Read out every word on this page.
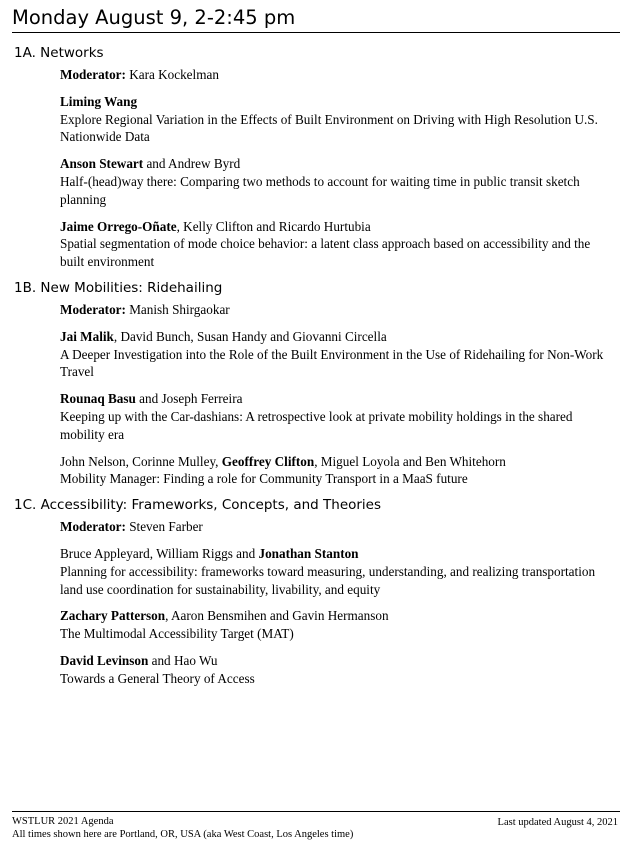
Monday August 9, 2-2:45 pm
1A. Networks
Moderator: Kara Kockelman
Liming Wang
Explore Regional Variation in the Effects of Built Environment on Driving with High Resolution U.S. Nationwide Data
Anson Stewart and Andrew Byrd
Half-(head)way there: Comparing two methods to account for waiting time in public transit sketch planning
Jaime Orrego-Oñate, Kelly Clifton and Ricardo Hurtubia
Spatial segmentation of mode choice behavior: a latent class approach based on accessibility and the built environment
1B. New Mobilities: Ridehailing
Moderator: Manish Shirgaokar
Jai Malik, David Bunch, Susan Handy and Giovanni Circella
A Deeper Investigation into the Role of the Built Environment in the Use of Ridehailing for Non-Work Travel
Rounaq Basu and Joseph Ferreira
Keeping up with the Car-dashians: A retrospective look at private mobility holdings in the shared mobility era
John Nelson, Corinne Mulley, Geoffrey Clifton, Miguel Loyola and Ben Whitehorn
Mobility Manager: Finding a role for Community Transport in a MaaS future
1C. Accessibility: Frameworks, Concepts, and Theories
Moderator: Steven Farber
Bruce Appleyard, William Riggs and Jonathan Stanton
Planning for accessibility: frameworks toward measuring, understanding, and realizing transportation land use coordination for sustainability, livability, and equity
Zachary Patterson, Aaron Bensmihen and Gavin Hermanson
The Multimodal Accessibility Target (MAT)
David Levinson and Hao Wu
Towards a General Theory of Access
WSTLUR 2021 Agenda
All times shown here are Portland, OR, USA (aka West Coast, Los Angeles time)
Last updated August 4, 2021
